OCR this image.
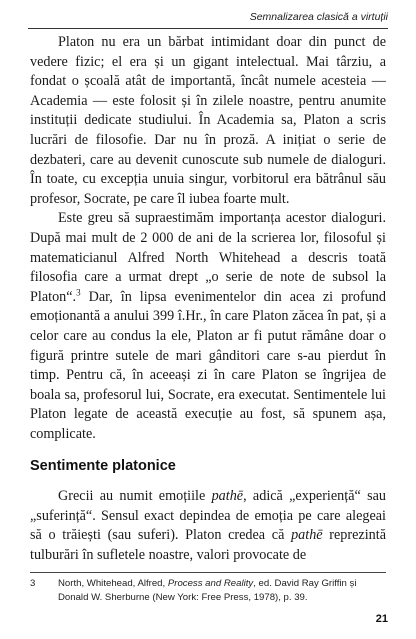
Semnalizarea clasică a virtuții

Platon nu era un bărbat intimidant doar din punct de vedere fizic; el era și un gigant intelectual. Mai târziu, a fondat o școală atât de importantă, încât numele acesteia — Academia — este folosit și în zilele noastre, pentru anumite instituții dedicate studiului. În Academia sa, Platon a scris lucrări de filosofie. Dar nu în proză. A inițiat o serie de dezbateri, care au devenit cunoscute sub numele de dialoguri. În toate, cu excepția unuia singur, vorbitorul era bătrânul său profesor, Socrate, pe care îl iubea foarte mult.

Este greu să supraestimăm importanța acestor dialoguri. După mai mult de 2 000 de ani de la scrierea lor, filosoful și matematicianul Alfred North Whitehead a descris toată filosofia care a urmat drept „o serie de note de subsol la Platon“.$^3$ Dar, în lipsa evenimentelor din acea zi profund emoționantă a anului 399 î.Hr., în care Platon zăcea în pat, și a celor care au condus la ele, Platon ar fi putut rămâne doar o figură printre sutele de mari gânditori care s-au pierdut în timp. Pentru că, în aceeași zi în care Platon se îngrijea de boala sa, profesorul lui, Socrate, era executat. Sentimentele lui Platon legate de această execuție au fost, să spunem așa, complicate.

Sentimente platonice

Grecii au numit emoțiile pathē, adică „experiență“ sau „suferință“. Sensul exact depindea de emoția pe care alegeai să o trăiești (sau suferi). Platon credea că pathē reprezintă tulburări în sufletele noastre, valori provocate de

3	North, Whitehead, Alfred, Process and Reality, ed. David Ray Griffin și Donald W. Sherburne (New York: Free Press, 1978), p. 39.
21
